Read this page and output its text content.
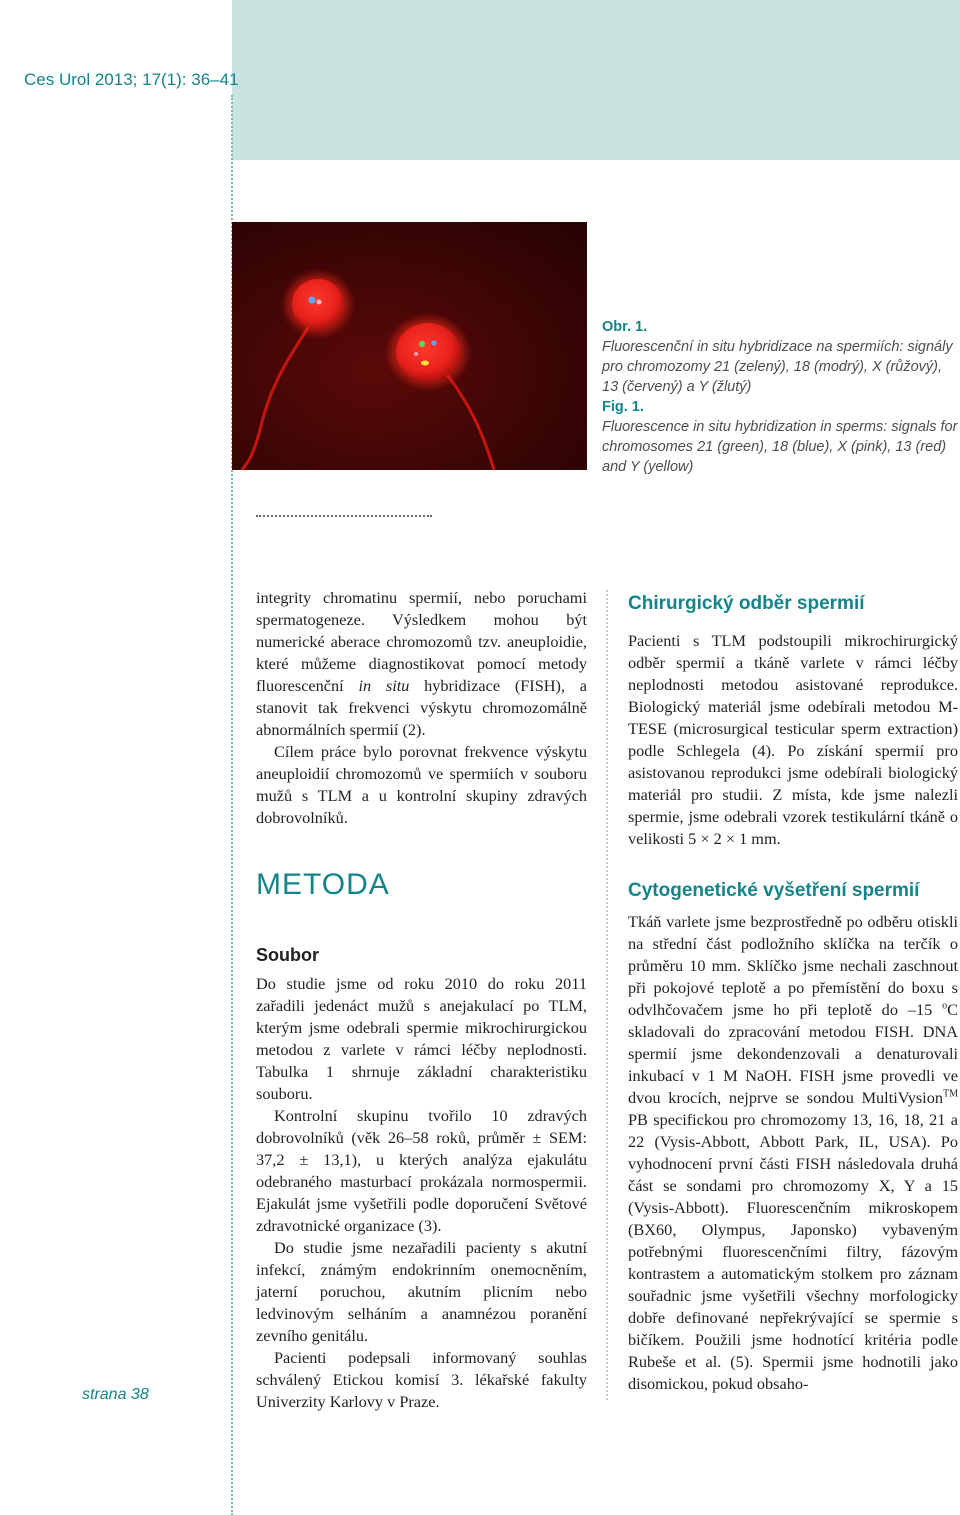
Ces Urol 2013; 17(1): 36–41
Obr. 1.
Fluorescenční in situ hybridizace na spermiích: signály pro chromozomy 21 (zelený), 18 (modrý), X (růžový), 13 (červený) a Y (žlutý)
Fig. 1.
Fluorescence in situ hybridization in sperms: signals for chromosomes 21 (green), 18 (blue), X (pink), 13 (red) and Y (yellow)

integrity chromatinu spermií, nebo poruchami spermatogeneze. Výsledkem mohou být numerické aberace chromozomů tzv. aneuploidie, které můžeme diagnostikovat pomocí metody fluorescenční in situ hybridizace (FISH), a stanovit tak frekvenci výskytu chromozomálně abnormálních spermií (2).

Cílem práce bylo porovnat frekvence výskytu aneuploidií chromozomů ve spermiích v souboru mužů s TLM a u kontrolní skupiny zdravých dobrovolníků.

METODA
Soubor

Do studie jsme od roku 2010 do roku 2011 zařadili jedenáct mužů s anejakulací po TLM, kterým jsme odebrali spermie mikrochirurgickou metodou z varlete v rámci léčby neplodnosti. Tabulka 1 shrnuje základní charakteristiku souboru.

Kontrolní skupinu tvořilo 10 zdravých dobrovolníků (věk 26–58 roků, průměr ± SEM: 37,2 ± 13,1), u kterých analýza ejakulátu odebraného masturbací prokázala normospermii. Ejakulát jsme vyšetřili podle doporučení Světové zdravotnické organizace (3).

Do studie jsme nezařadili pacienty s akutní infekcí, známým endokrinním onemocněním, jaterní poruchou, akutním plicním nebo ledvinovým selháním a anamnézou poranění zevního genitálu.

Pacienti podepsali informovaný souhlas schválený Etickou komisí 3. lékařské fakulty Univerzity Karlovy v Praze.

Chirurgický odběr spermií

Pacienti s TLM podstoupili mikrochirurgický odběr spermií a tkáně varlete v rámci léčby neplodnosti metodou asistované reprodukce. Biologický materiál jsme odebírali metodou M-TESE (microsurgical testicular sperm extraction) podle Schlegela (4). Po získání spermií pro asistovanou reprodukci jsme odebírali biologický materiál pro studii. Z místa, kde jsme nalezli spermie, jsme odebrali vzorek testikulární tkáně o velikosti 5 × 2 × 1 mm.

Cytogenetické vyšetření spermií

Tkáň varlete jsme bezprostředně po odběru otiskli na střední část podložního sklíčka na terčík o průměru 10 mm. Sklíčko jsme nechali zaschnout při pokojové teplotě a po přemístění do boxu s odvlhčovačem jsme ho při teplotě do –15 $^o$C skladovali do zpracování metodou FISH. DNA spermií jsme dekondenzovali a denaturovali inkubací v 1 M NaOH. FISH jsme provedli ve dvou krocích, nejprve se sondou MultiVysion™ PB specifickou pro chromozomy 13, 16, 18, 21 a 22 (Vysis-Abbott, Abbott Park, IL, USA). Po vyhodnocení první části FISH následovala druhá část se sondami pro chromozomy X, Y a 15 (Vysis-Abbott). Fluorescenčním mikroskopem (BX60, Olympus, Japonsko) vybaveným potřebnými fluorescenčními filtry, fázovým kontrastem a automatickým stolkem pro záznam souřadnic jsme vyšetřili všechny morfologicky dobře definované nepřekrývající se spermie s bičíkem. Použili jsme hodnotící kritéria podle Rubeše et al. (5). Spermii jsme hodnotili jako disomickou, pokud obsaho-

strana 38
